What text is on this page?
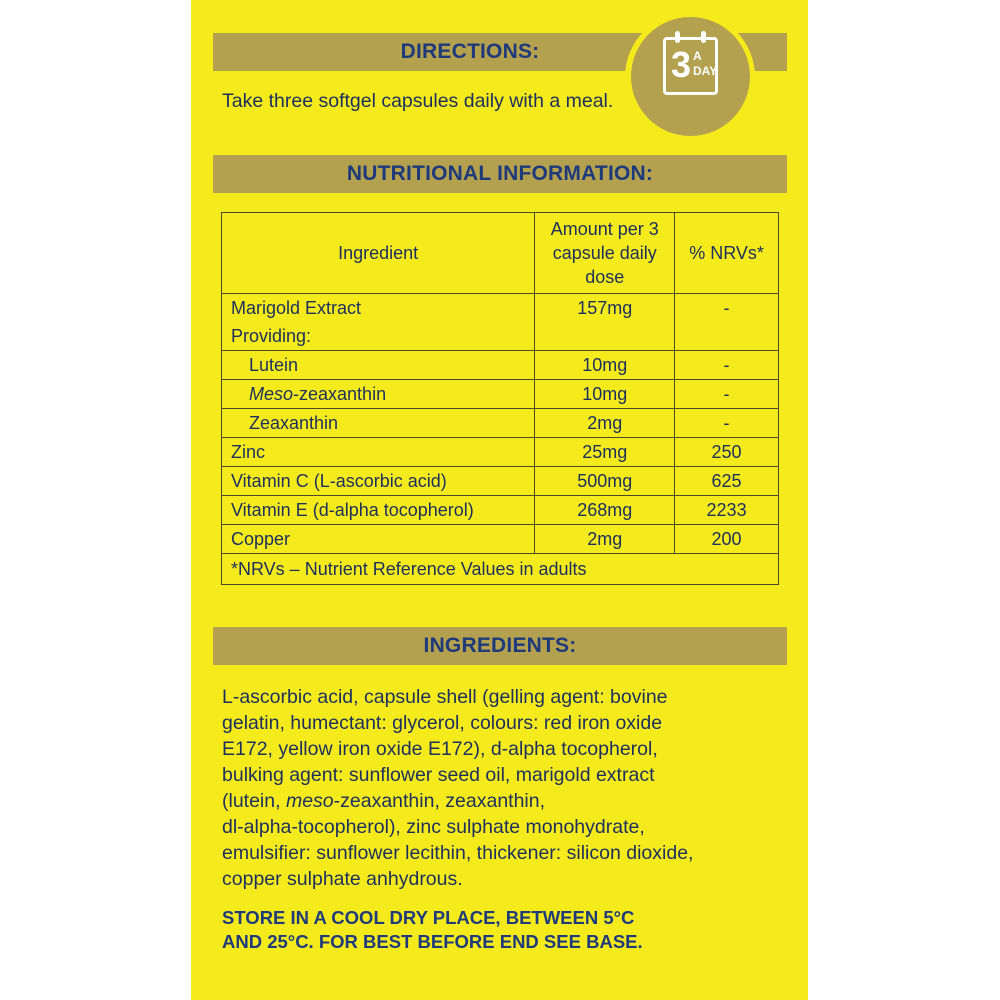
DIRECTIONS:	3 A
DAY
Take three softgel capsules daily with a meal.
NUTRITIONAL INFORMATION:
Ingredient	Amount per 3 capsule daily dose	% NRVs*
Marigold Extract	157mg	-
Providing:		
Lutein	10mg	-
Meso-zeaxanthin	10mg	-
Zeaxanthin	2mg	-
Zinc	25mg	250
Vitamin C (L-ascorbic acid)	500mg	625
Vitamin E (d-alpha tocopherol)	268mg	2233
Copper	2mg	200
*NRVs – Nutrient Reference Values in adults		
INGREDIENTS:
L-ascorbic acid, capsule shell (gelling agent: bovine
gelatin, humectant: glycerol, colours: red iron oxide
E172, yellow iron oxide E172), d-alpha tocopherol,
bulking agent: sunflower seed oil, marigold extract
(lutein, meso-zeaxanthin, zeaxanthin,
dl-alpha-tocopherol), zinc sulphate monohydrate,
emulsifier: sunflower lecithin, thickener: silicon dioxide,
copper sulphate anhydrous.
STORE IN A COOL DRY PLACE, BETWEEN 5°C
AND 25°C. FOR BEST BEFORE END SEE BASE.
